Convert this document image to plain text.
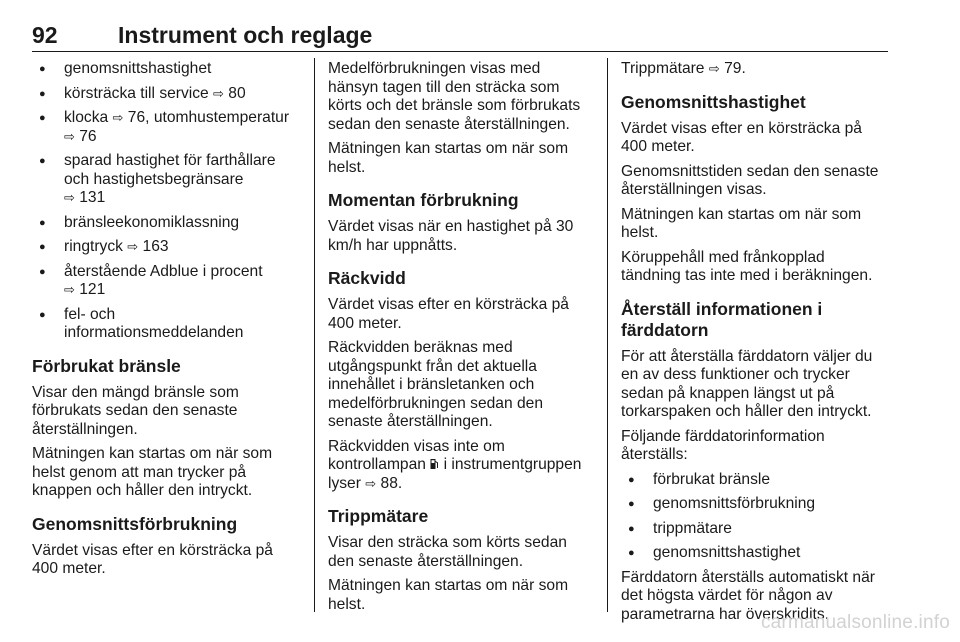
92	Instrument och reglage
● genomsnittshastighet
● körsträcka till service ⇨ 80
● klocka ⇨ 76, utomhustemperatur
⇨ 76
● sparad hastighet för farthållare och hastighetsbegränsare
⇨ 131
● bränsleekonomiklassning
● ringtryck ⇨ 163
● återstående Adblue i procent
⇨ 121
● fel- och informationsmeddelanden
Förbrukat bränsle

Visar den mängd bränsle som förbrukats sedan den senaste återställningen.

Mätningen kan startas om när som helst genom att man trycker på knappen och håller den intryckt.

Genomsnittsförbrukning

Värdet visas efter en körsträcka på 400 meter.

Medelförbrukningen visas med hänsyn tagen till den sträcka som körts och det bränsle som förbrukats sedan den senaste återställningen.

Mätningen kan startas om när som helst.

Momentan förbrukning

Värdet visas när en hastighet på 30 km/h har uppnåtts.

Räckvidd

Värdet visas efter en körsträcka på 400 meter.

Räckvidden beräknas med utgångspunkt från det aktuella innehållet i bränsletanken och medelförbrukningen sedan den senaste återställningen.

Räckvidden visas inte om kontrollampan
i instrumentgruppen lyser ⇨ 88.

Trippmätare

Visar den sträcka som körts sedan den senaste återställningen.

Mätningen kan startas om när som helst.

Trippmätare ⇨ 79.

Genomsnittshastighet

Värdet visas efter en körsträcka på 400 meter.

Genomsnittstiden sedan den senaste återställningen visas.

Mätningen kan startas om när som helst.

Köruppehåll med frånkopplad tändning tas inte med i beräkningen.

Återställ informationen i färddatorn

För att återställa färddatorn väljer du en av dess funktioner och trycker sedan på knappen längst ut på torkarspaken och håller den intryckt.

Följande färddatorinformation återställs:

● förbrukat bränsle
● genomsnittsförbrukning
● trippmätare
● genomsnittshastighet

Färddatorn återställs automatiskt när det högsta värdet för någon av parametrarna har överskridits.

carmanualsonline.info
